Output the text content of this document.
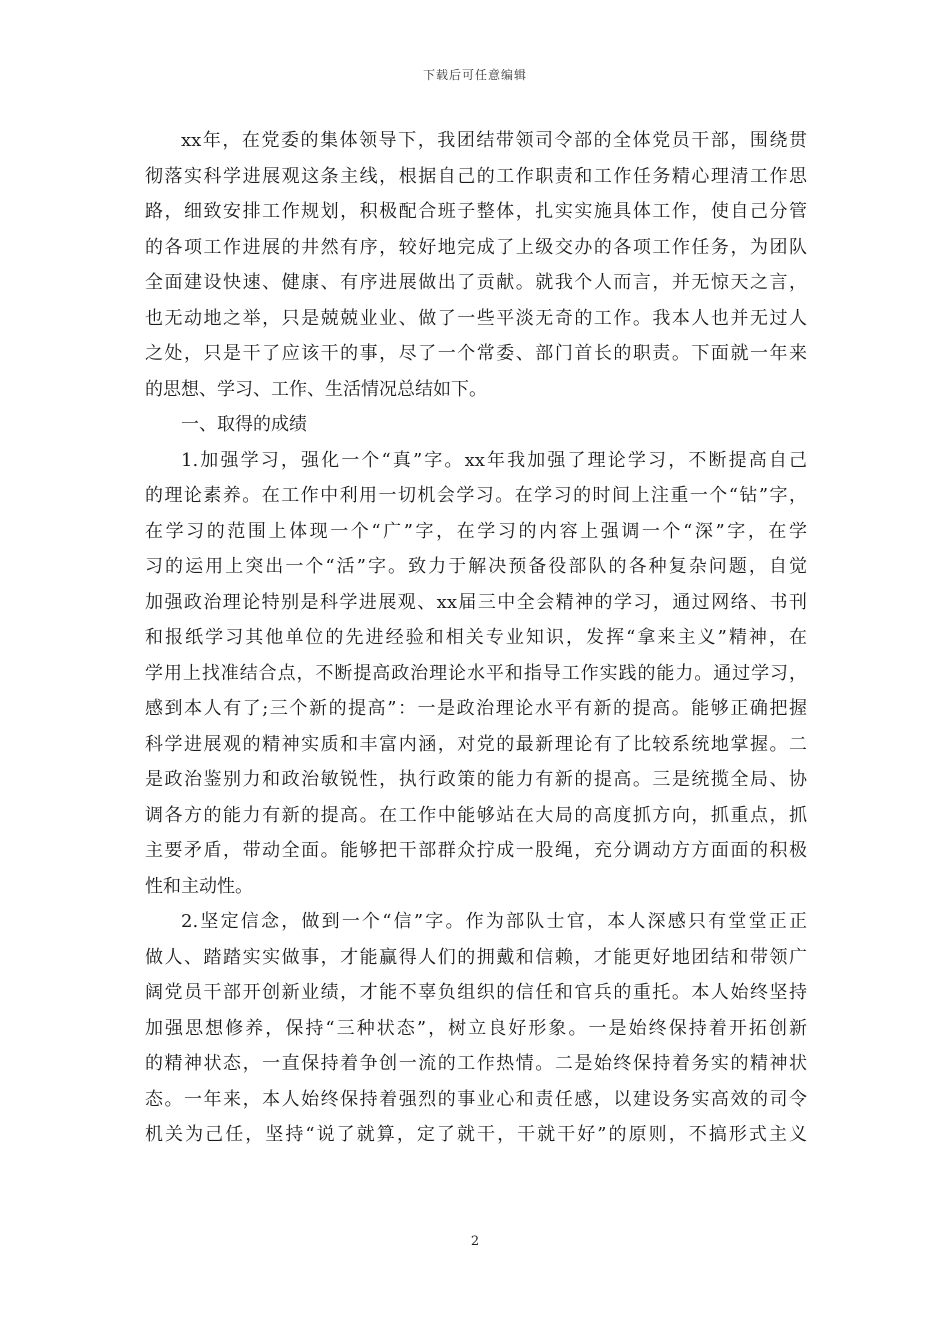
下载后可任意编辑
xx年，在党委的集体领导下，我团结带领司令部的全体党员干部，围绕贯
彻落实科学进展观这条主线，根据自己的工作职责和工作任务精心理清工作思
路，细致安排工作规划，积极配合班子整体，扎实实施具体工作，使自己分管
的各项工作进展的井然有序，较好地完成了上级交办的各项工作任务，为团队
全面建设快速、健康、有序进展做出了贡献。就我个人而言，并无惊天之言，
也无动地之举，只是兢兢业业、做了一些平淡无奇的工作。我本人也并无过人
之处，只是干了应该干的事，尽了一个常委、部门首长的职责。下面就一年来
的思想、学习、工作、生活情况总结如下。
一、取得的成绩
1.加强学习，强化一个“真”字。xx年我加强了理论学习，不断提高自己
的理论素养。在工作中利用一切机会学习。在学习的时间上注重一个“钻”字，
在学习的范围上体现一个“广”字，在学习的内容上强调一个“深”字，在学
习的运用上突出一个“活”字。致力于解决预备役部队的各种复杂问题，自觉
加强政治理论特别是科学进展观、xx届三中全会精神的学习，通过网络、书刊
和报纸学习其他单位的先进经验和相关专业知识，发挥“拿来主义”精神，在
学用上找准结合点，不断提高政治理论水平和指导工作实践的能力。通过学习，
感到本人有了;三个新的提高”：一是政治理论水平有新的提高。能够正确把握
科学进展观的精神实质和丰富内涵，对党的最新理论有了比较系统地掌握。二
是政治鉴别力和政治敏锐性，执行政策的能力有新的提高。三是统揽全局、协
调各方的能力有新的提高。在工作中能够站在大局的高度抓方向，抓重点，抓
主要矛盾，带动全面。能够把干部群众拧成一股绳，充分调动方方面面的积极
性和主动性。
2.坚定信念，做到一个“信”字。作为部队士官，本人深感只有堂堂正正
做人、踏踏实实做事，才能赢得人们的拥戴和信赖，才能更好地团结和带领广
阔党员干部开创新业绩，才能不辜负组织的信任和官兵的重托。本人始终坚持
加强思想修养，保持“三种状态”，树立良好形象。一是始终保持着开拓创新
的精神状态，一直保持着争创一流的工作热情。二是始终保持着务实的精神状
态。一年来，本人始终保持着强烈的事业心和责任感，以建设务实高效的司令
机关为己任，坚持“说了就算，定了就干，干就干好”的原则，不搞形式主义
2
